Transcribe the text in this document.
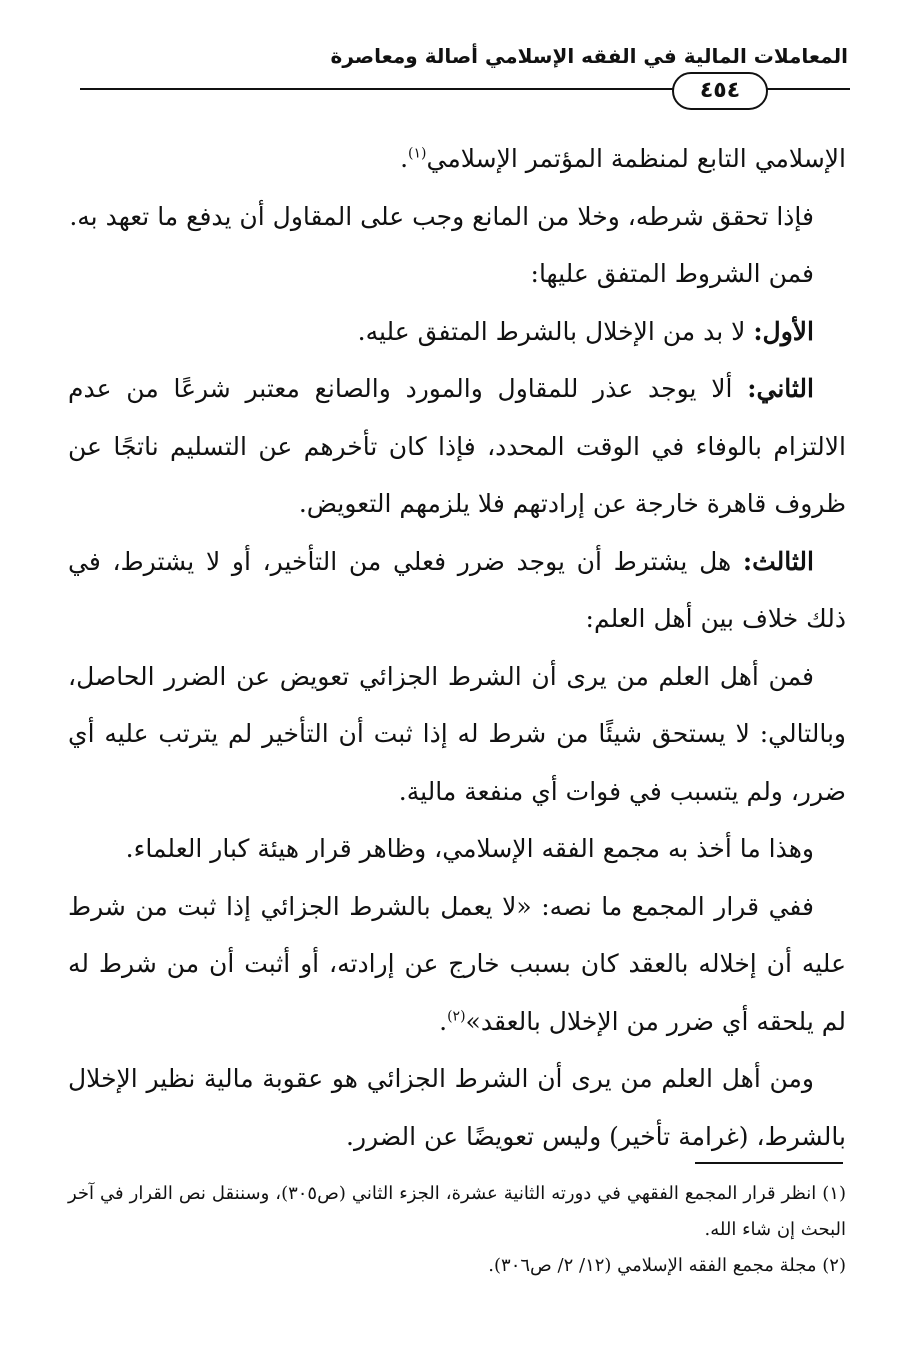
المعاملات المالية في الفقه الإسلامي أصالة ومعاصرة
٤٥٤

الإسلامي التابع لمنظمة المؤتمر الإسلامي$^{(١)}$.

فإذا تحقق شرطه، وخلا من المانع وجب على المقاول أن يدفع ما تعهد به.

فمن الشروط المتفق عليها:

الأول: لا بد من الإخلال بالشرط المتفق عليه.

الثاني: ألا يوجد عذر للمقاول والمورد والصانع معتبر شرعًا من عدم الالتزام بالوفاء في الوقت المحدد، فإذا كان تأخرهم عن التسليم ناتجًا عن ظروف قاهرة خارجة عن إرادتهم فلا يلزمهم التعويض.

الثالث: هل يشترط أن يوجد ضرر فعلي من التأخير، أو لا يشترط، في ذلك خلاف بين أهل العلم:

فمن أهل العلم من يرى أن الشرط الجزائي تعويض عن الضرر الحاصل، وبالتالي: لا يستحق شيئًا من شرط له إذا ثبت أن التأخير لم يترتب عليه أي ضرر، ولم يتسبب في فوات أي منفعة مالية.

وهذا ما أخذ به مجمع الفقه الإسلامي، وظاهر قرار هيئة كبار العلماء.

ففي قرار المجمع ما نصه: «لا يعمل بالشرط الجزائي إذا ثبت من شرط عليه أن إخلاله بالعقد كان بسبب خارج عن إرادته، أو أثبت أن من شرط له لم يلحقه أي ضرر من الإخلال بالعقد»$^{(٢)}$.

ومن أهل العلم من يرى أن الشرط الجزائي هو عقوبة مالية نظير الإخلال بالشرط، (غرامة تأخير) وليس تعويضًا عن الضرر.

(١) انظر قرار المجمع الفقهي في دورته الثانية عشرة، الجزء الثاني (ص٣٠٥)، وسننقل نص القرار في آخر البحث إن شاء الله.

(٢) مجلة مجمع الفقه الإسلامي (١٢/ ٢/ ص٣٠٦).
